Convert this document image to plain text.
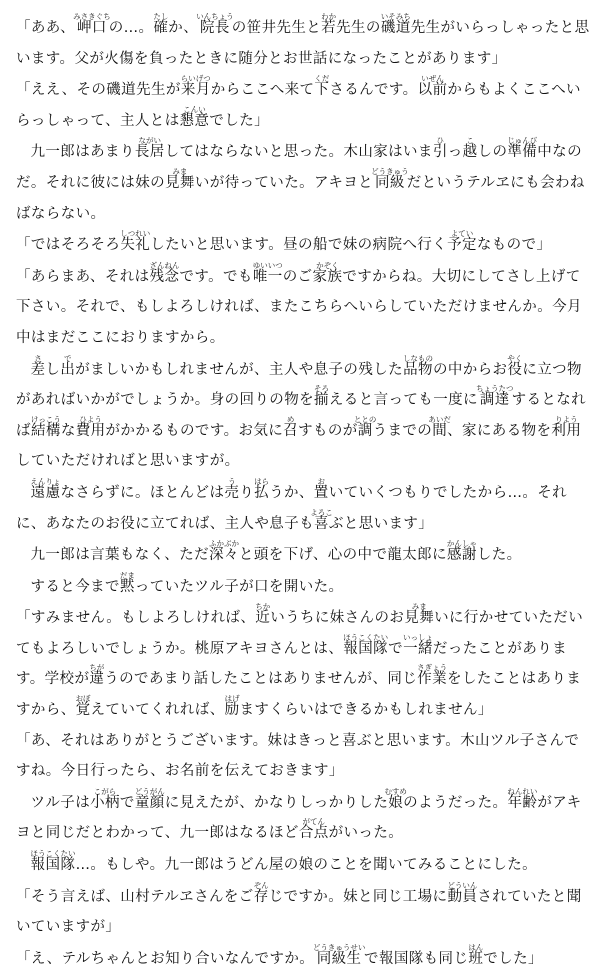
「ああ、岬口みさきぐちの…。確たしか、院長いんちょうの笹井先生と若わか先生の磯道いそみち先生がいらっしゃったと思います。父が火傷を負ったときに随分とお世話になったことがあります」
「ええ、その磯道先生が来月らいげつからここへ来て下くださるんです。以前いぜんからもよくここへいらっしゃって、主人とは懇意こんいでした」
九一郎はあまり長居ながいしてはならないと思った。木山家はいま引ひっ越こしの準備じゅんび中なのだ。それに彼には妹の見舞みまいが待っていた。アキヨと同級どうきゅうだというテルヱにも会わねばならない。
「ではそろそろ失礼しつれいしたいと思います。昼の船で妹の病院へ行く予定よていなもので」
「あらまあ、それは残念ざんねんです。でも唯一ゆいいつのご家族かぞくですからね。大切にしてさし上げて下さい。それで、もしよろしければ、またこちらへいらしていただけませんか。今月中はまだここにおりますから。
差さし出でがましいかもしれませんが、主人や息子の残した品物しなものの中からお役やくに立つ物があればいかがでしょうか。身の回りの物を揃そろえると言っても一度に調達ちょうたつするとなれば結構けっこうな費用ひようがかかるものです。お気に召めすものが調ととのうまでの間あいだ、家にある物を利用りようしていただければと思いますが。
遠慮えんりょなさらずに。ほとんどは売うり払はらうか、置おいていくつもりでしたから…。それに、あなたのお役に立てれば、主人や息子も喜よろこぶと思います」
九一郎は言葉もなく、ただ深々ふかぶかと頭を下げ、心の中で龍太郎に感謝かんしゃした。
すると今まで黙だまっていたツル子が口を開いた。
「すみません。もしよろしければ、近ちかいうちに妹さんのお見舞みまいに行かせていただいてもよろしいでしょうか。桃原アキヨさんとは、報国隊ほうこくたいで一緒いっしょだったことがあります。学校が違ちがうのであまり話したことはありませんが、同じ作業さぎょうをしたことはありますから、覚おぼえていてくれれば、励はげますくらいはできるかもしれません」
「あ、それはありがとうございます。妹はきっと喜ぶと思います。木山ツル子さんですね。今日行ったら、お名前を伝えておきます」
ツル子は小柄こがらで童顔どうがんに見えたが、かなりしっかりした娘むすめのようだった。年齢ねんれいがアキヨと同じだとわかって、九一郎はなるほど合点がてんがいった。
報国隊ほうこくたい…。もしや。九一郎はうどん屋の娘のことを聞いてみることにした。
「そう言えば、山村テルヱさんをご存ぞんじですか。妹と同じ工場に動員どういんされていたと聞いていますが」
「え、テルちゃんとお知り合いなんですか。同級生どうきゅうせいで報国隊も同じ班はんでした」
